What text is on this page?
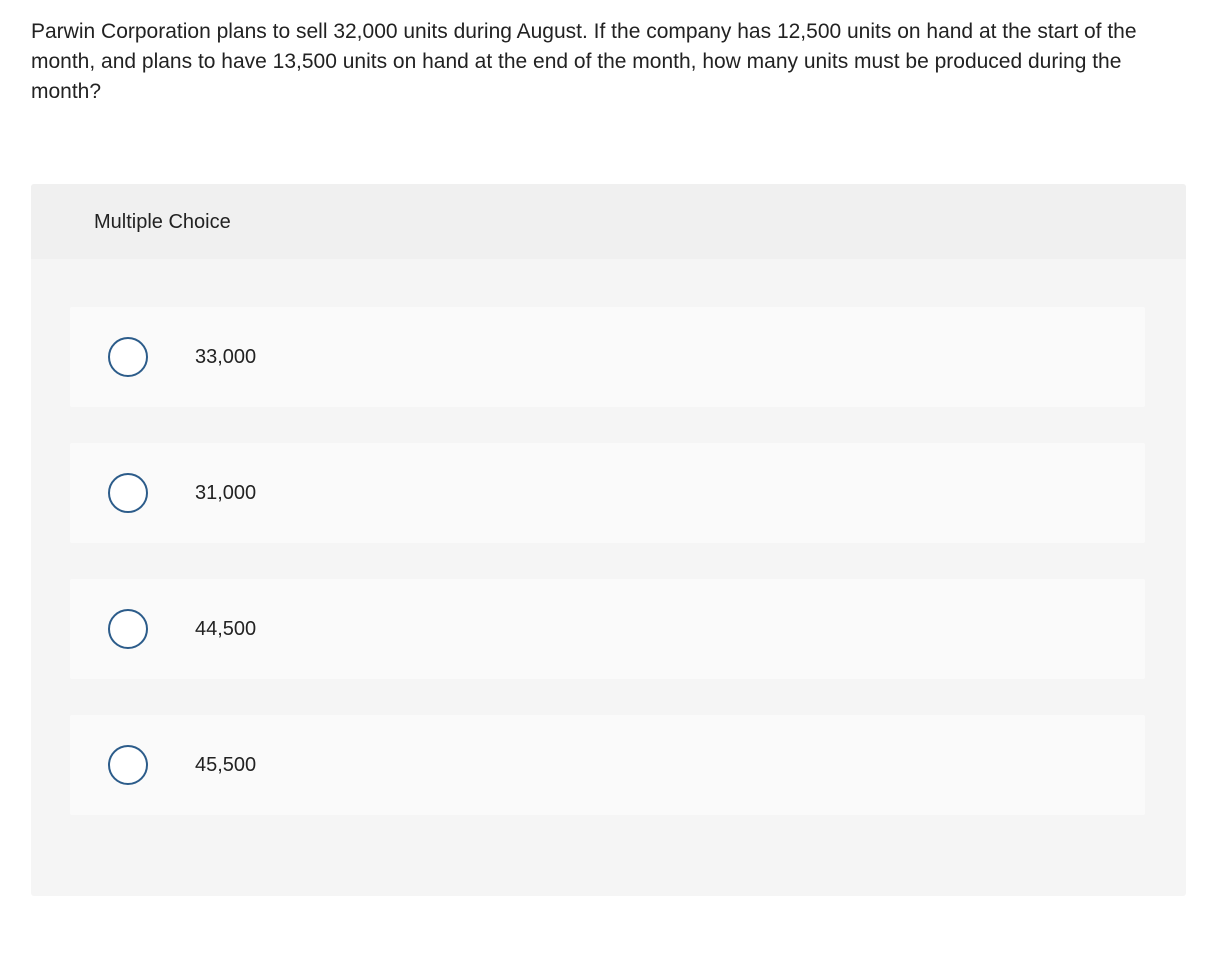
Parwin Corporation plans to sell 32,000 units during August. If the company has 12,500 units on hand at the start of the month, and plans to have 13,500 units on hand at the end of the month, how many units must be produced during the month?

Multiple Choice
33,000
31,000
44,500
45,500
